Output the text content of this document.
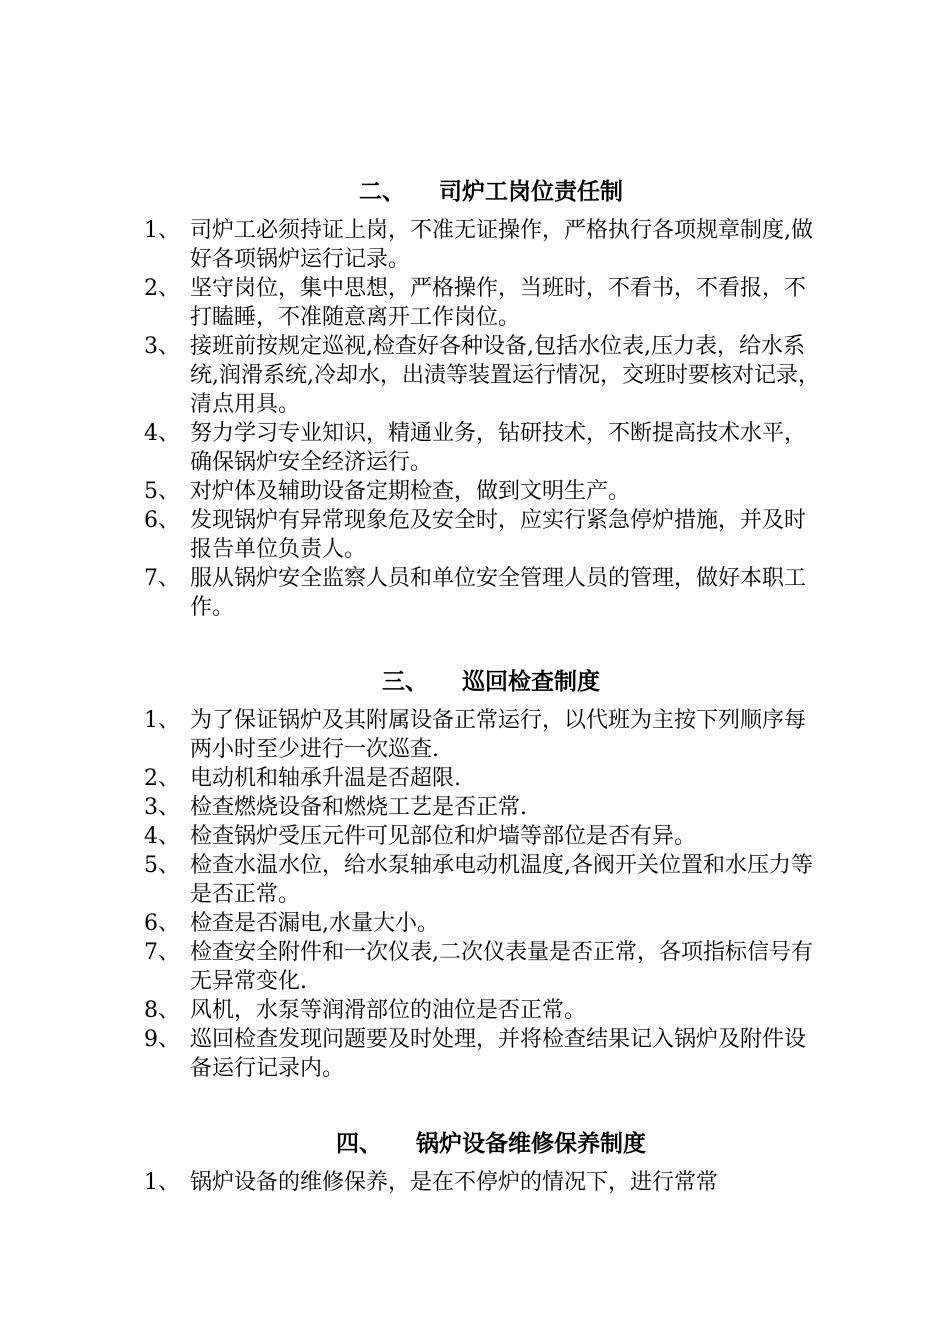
二、 司炉工岗位责任制

1、 司炉工必须持证上岗，不准无证操作，严格执行各项规章制度,做好各项锅炉运行记录。
2、 坚守岗位，集中思想，严格操作，当班时，不看书，不看报，不打瞌睡，不准随意离开工作岗位。
3、 接班前按规定巡视,检查好各种设备,包括水位表,压力表，给水系统,润滑系统,冷却水，出渍等装置运行情况，交班时要核对记录，清点用具。
4、 努力学习专业知识，精通业务，钻研技术，不断提高技术水平，确保锅炉安全经济运行。
5、 对炉体及辅助设备定期检查，做到文明生产。
6、 发现锅炉有异常现象危及安全时，应实行紧急停炉措施，并及时报告单位负责人。
7、 服从锅炉安全监察人员和单位安全管理人员的管理，做好本职工作。

三、 巡回检查制度

1、 为了保证锅炉及其附属设备正常运行，以代班为主按下列顺序每两小时至少进行一次巡查.
2、 电动机和轴承升温是否超限.
3、 检查燃烧设备和燃烧工艺是否正常.
4、 检查锅炉受压元件可见部位和炉墙等部位是否有异。
5、 检查水温水位，给水泵轴承电动机温度,各阀开关位置和水压力等是否正常。
6、 检查是否漏电,水量大小。
7、 检查安全附件和一次仪表,二次仪表量是否正常，各项指标信号有无异常变化.
8、 风机，水泵等润滑部位的油位是否正常。
9、 巡回检查发现问题要及时处理，并将检查结果记入锅炉及附件设备运行记录内。

四、 锅炉设备维修保养制度

1、 锅炉设备的维修保养，是在不停炉的情况下，进行常常
